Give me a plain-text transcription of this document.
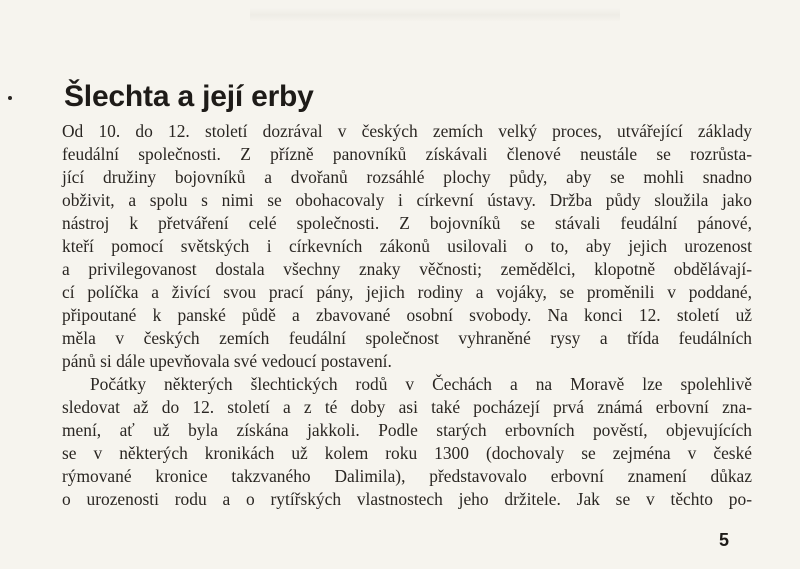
Šlechta a její erby
Od 10. do 12. století dozrával v českých zemích velký proces, utvářející základy
feudální společnosti. Z přízně panovníků získávali členové neustále se rozrůsta-
jící družiny bojovníků a dvořanů rozsáhlé plochy půdy, aby se mohli snadno
obživit, a spolu s nimi se obohacovaly i církevní ústavy. Držba půdy sloužila jako
nástroj k přetváření celé společnosti. Z bojovníků se stávali feudální pánové,
kteří pomocí světských i církevních zákonů usilovali o to, aby jejich urozenost
a privilegovanost dostala všechny znaky věčnosti; zemědělci, klopotně obdělávají-
cí políčka a živící svou prací pány, jejich rodiny a vojáky, se proměnili v poddané,
připoutané k panské půdě a zbavované osobní svobody. Na konci 12. století už
měla v českých zemích feudální společnost vyhraněné rysy a třída feudálních
pánů si dále upevňovala své vedoucí postavení.
Počátky některých šlechtických rodů v Čechách a na Moravě lze spolehlivě
sledovat až do 12. století a z té doby asi také pocházejí prvá známá erbovní zna-
mení, ať už byla získána jakkoli. Podle starých erbovních pověstí, objevujících
se v některých kronikách už kolem roku 1300 (dochovaly se zejména v české
rýmované kronice takzvaného Dalimila), představovalo erbovní znamení důkaz
o urozenosti rodu a o rytířských vlastnostech jeho držitele. Jak se v těchto po-
5
